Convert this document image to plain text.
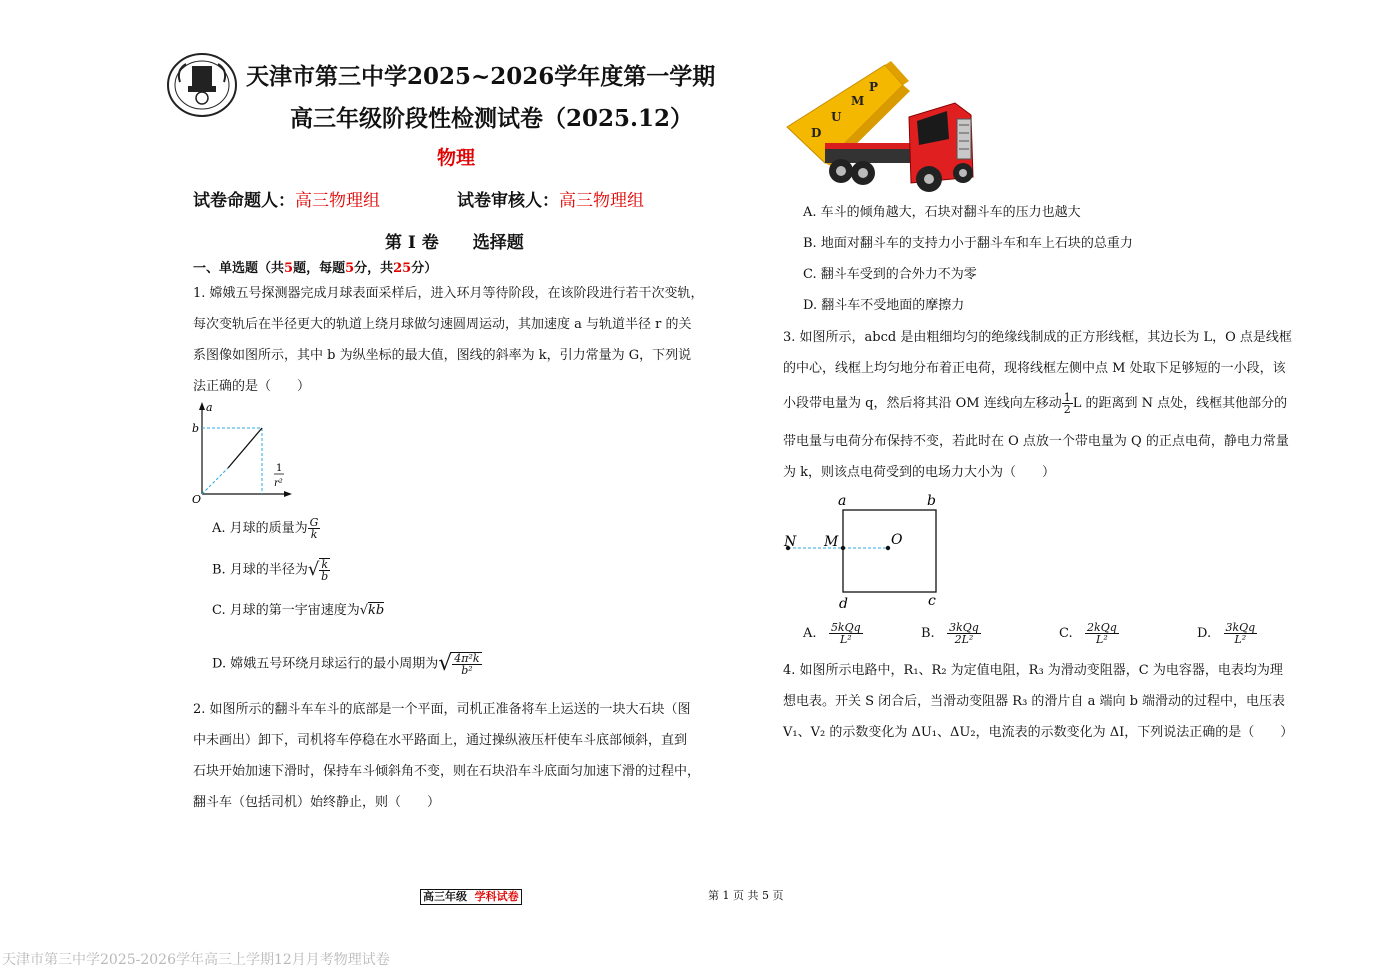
天津市第三中学2025~2026学年度第一学期
高三年级阶段性检测试卷（2025.12）
物理
试卷命题人：高三物理组	试卷审核人：高三物理组
第 I 卷 选择题
一、单选题（共5题，每题5分，共25分）
1. 嫦娥五号探测器完成月球表面采样后，进入环月等待阶段，在该阶段进行若干次变轨，
每次变轨后在半径更大的轨道上绕月球做匀速圆周运动，其加速度 a 与轨道半径 r 的关
系图像如图所示，其中 b 为纵坐标的最大值，图线的斜率为 k，引力常量为 G，下列说
法正确的是（　　）
a
b
O
1
r²
A. 月球的质量为 $\frac{G}{k}$
B. 月球的半径为√ $\frac{k}{b}$
C. 月球的第一宇宙速度为√kb
D. 嫦娥五号环绕月球运行的最小周期为√ $\frac{\text{4π²k}}{\text{b²}}$
2. 如图所示的翻斗车车斗的底部是一个平面，司机正准备将车上运送的一块大石块（图
中未画出）卸下，司机将车停稳在水平路面上，通过操纵液压杆使车斗底部倾斜，直到
石块开始加速下滑时，保持车斗倾斜角不变，则在石块沿车斗底面匀加速下滑的过程中，
翻斗车（包括司机）始终静止，则（　　）
D
U
M
P
A. 车斗的倾角越大，石块对翻斗车的压力也越大
B. 地面对翻斗车的支持力小于翻斗车和车上石块的总重力
C. 翻斗车受到的合外力不为零
D. 翻斗车不受地面的摩擦力
3. 如图所示，abcd 是由粗细均匀的绝缘线制成的正方形线框，其边长为 L，O 点是线框
的中心，线框上均匀地分布着正电荷，现将线框左侧中点 M 处取下足够短的一小段，该
小段带电量为 q，然后将其沿 OM 连线向左移动 $\frac{1}{2}$ L 的距离到 N 点处，线框其他部分的
带电量与电荷分布保持不变，若此时在 O 点放一个带电量为 Q 的正点电荷，静电力常量
为 k，则该点电荷受到的电场力大小为（　　）
a	b
c
d
N M	O
A. $\frac{\text{5kQq}}{\text{L²}}$	B. $\frac{\text{3kQq}}{\text{2L²}}$	C. $\frac{\text{2kQq}}{\text{L²}}$	D. $\frac{\text{3kQq}}{\text{L²}}$
4. 如图所示电路中，R₁、R₂ 为定值电阻，R₃ 为滑动变阻器，C 为电容器，电表均为理
想电表。开关 S 闭合后，当滑动变阻器 R₃ 的滑片自 a 端向 b 端滑动的过程中，电压表
V₁、V₂ 的示数变化为 ΔU₁、ΔU₂，电流表的示数变化为 ΔI，下列说法正确的是（　　）
高三年级 学科试卷	第 1 页 共 5 页
天津市第三中学2025-2026学年高三上学期12月月考物理试卷
